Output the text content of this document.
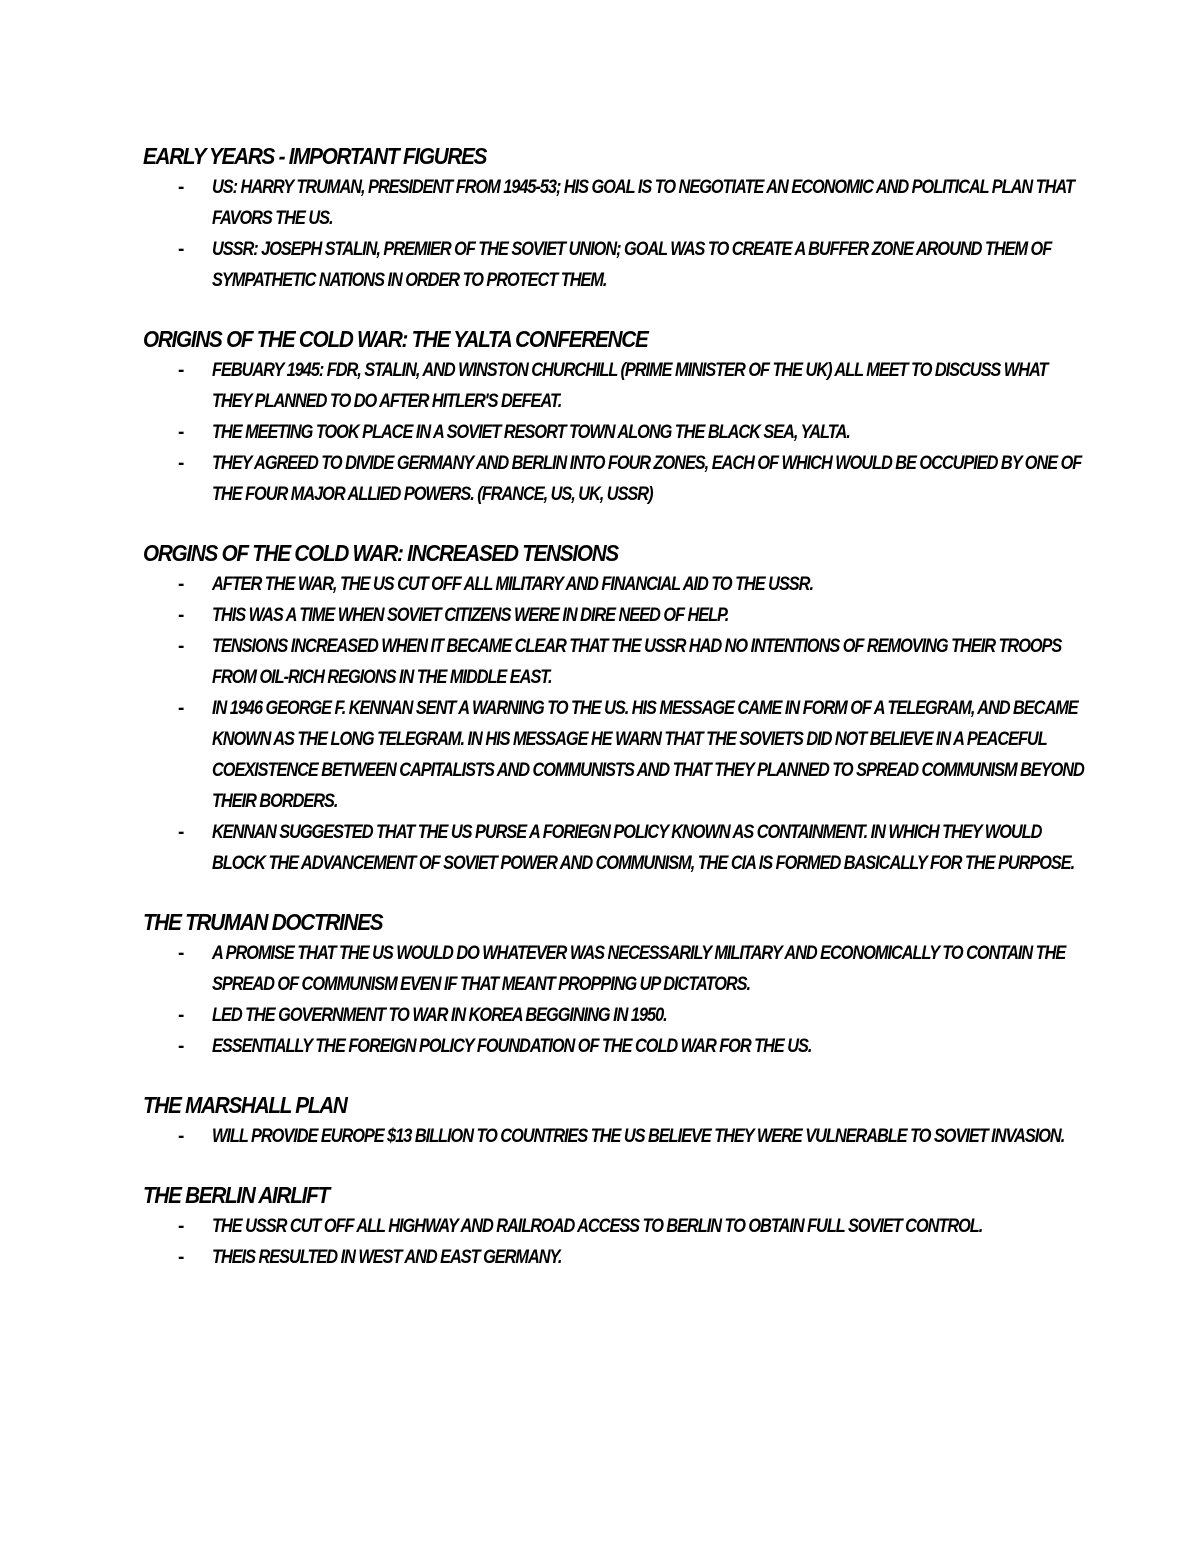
EARLY YEARS - IMPORTANT FIGURES
- US: HARRY TRUMAN, PRESIDENT FROM 1945-53; HIS GOAL IS TO NEGOTIATE AN ECONOMIC AND POLITICAL PLAN THAT FAVORS THE US.
- USSR: JOSEPH STALIN, PREMIER OF THE SOVIET UNION; GOAL WAS TO CREATE A BUFFER ZONE AROUND THEM OF SYMPATHETIC NATIONS IN ORDER TO PROTECT THEM.
ORIGINS OF THE COLD WAR: THE YALTA CONFERENCE
- FEBUARY 1945: FDR, STALIN, AND WINSTON CHURCHILL (PRIME MINISTER OF THE UK) ALL MEET TO DISCUSS WHAT THEY PLANNED TO DO AFTER HITLER'S DEFEAT.
- THE MEETING TOOK PLACE IN A SOVIET RESORT TOWN ALONG THE BLACK SEA, YALTA.
- THEY AGREED TO DIVIDE GERMANY AND BERLIN INTO FOUR ZONES, EACH OF WHICH WOULD BE OCCUPIED BY ONE OF THE FOUR MAJOR ALLIED POWERS. (FRANCE, US, UK, USSR)
ORGINS OF THE COLD WAR: INCREASED TENSIONS
- AFTER THE WAR, THE US CUT OFF ALL MILITARY AND FINANCIAL AID TO THE USSR.
- THIS WAS A TIME WHEN SOVIET CITIZENS WERE IN DIRE NEED OF HELP.
- TENSIONS INCREASED WHEN IT BECAME CLEAR THAT THE USSR HAD NO INTENTIONS OF REMOVING THEIR TROOPS FROM OIL-RICH REGIONS IN THE MIDDLE EAST.
- IN 1946 GEORGE F. KENNAN SENT A WARNING TO THE US. HIS MESSAGE CAME IN FORM OF A TELEGRAM, AND BECAME KNOWN AS THE LONG TELEGRAM. IN HIS MESSAGE HE WARN THAT THE SOVIETS DID NOT BELIEVE IN A PEACEFUL COEXISTENCE BETWEEN CAPITALISTS AND COMMUNISTS AND THAT THEY PLANNED TO SPREAD COMMUNISM BEYOND THEIR BORDERS.
- KENNAN SUGGESTED THAT THE US PURSE A FORIEGN POLICY KNOWN AS CONTAINMENT. IN WHICH THEY WOULD BLOCK THE ADVANCEMENT OF SOVIET POWER AND COMMUNISM, THE CIA IS FORMED BASICALLY FOR THE PURPOSE.
THE TRUMAN DOCTRINES
- A PROMISE THAT THE US WOULD DO WHATEVER WAS NECESSARILY MILITARY AND ECONOMICALLY TO CONTAIN THE SPREAD OF COMMUNISM EVEN IF THAT MEANT PROPPING UP DICTATORS.
- LED THE GOVERNMENT TO WAR IN KOREA BEGGINING IN 1950.
- ESSENTIALLY THE FOREIGN POLICY FOUNDATION OF THE COLD WAR FOR THE US.
THE MARSHALL PLAN
- WILL PROVIDE EUROPE $13 BILLION TO COUNTRIES THE US BELIEVE THEY WERE VULNERABLE TO SOVIET INVASION.
THE BERLIN AIRLIFT
- THE USSR CUT OFF ALL HIGHWAY AND RAILROAD ACCESS TO BERLIN TO OBTAIN FULL SOVIET CONTROL.
- THEIS RESULTED IN WEST AND EAST GERMANY.
